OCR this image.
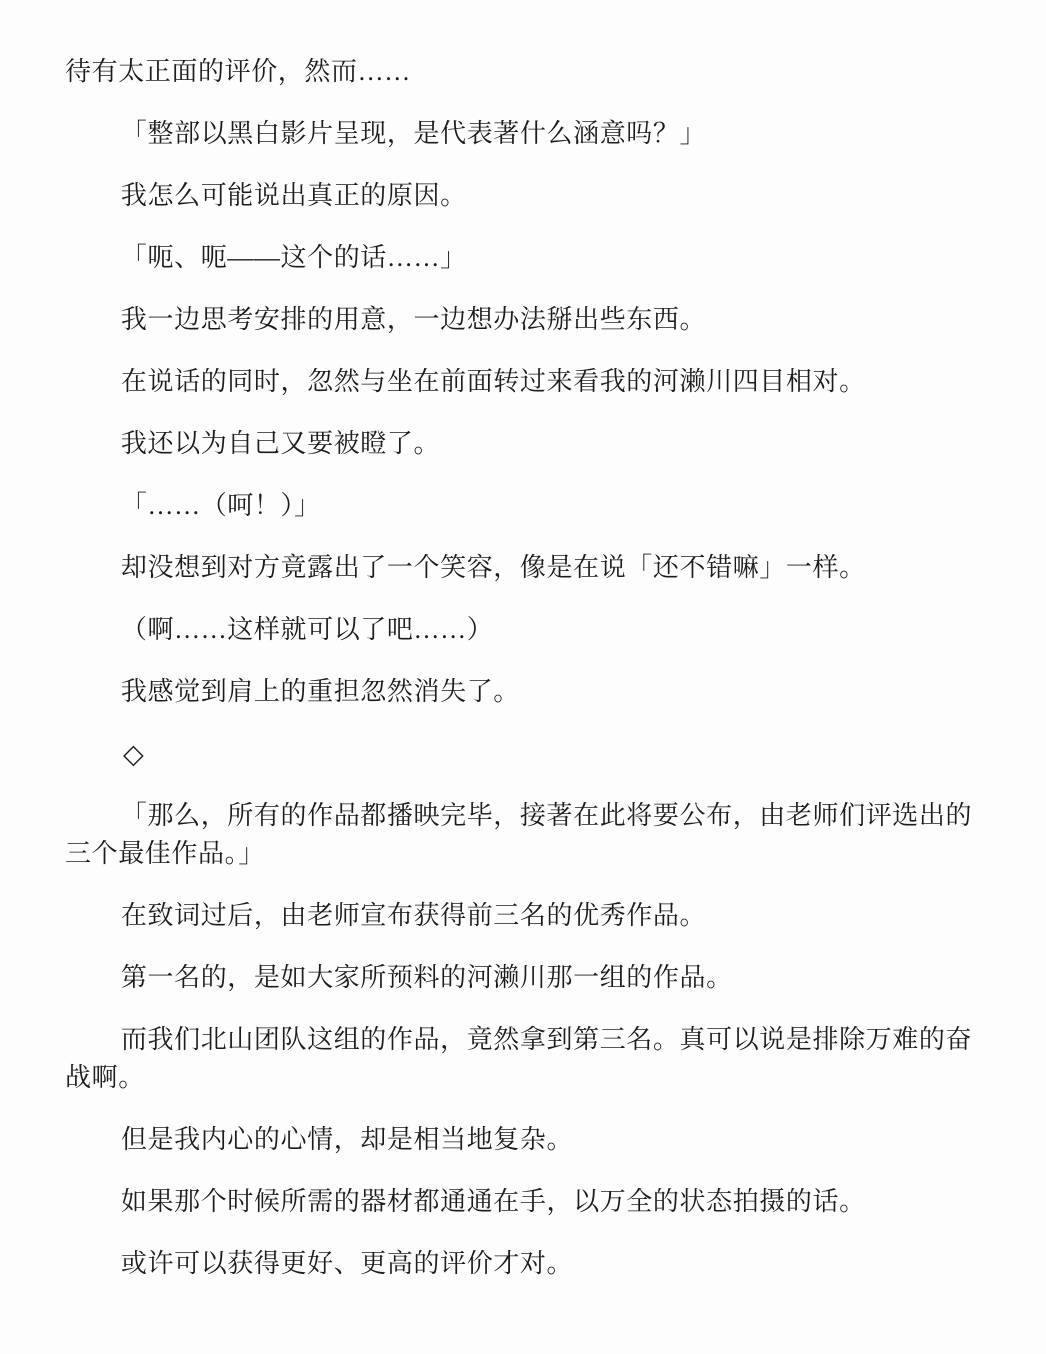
待有太正面的评价，然而……

「整部以黑白影片呈现，是代表著什么涵意吗？」

我怎么可能说出真正的原因。

「呃、呃——这个的话……」

我一边思考安排的用意，一边想办法掰出些东西。

在说话的同时，忽然与坐在前面转过来看我的河濑川四目相对。

我还以为自己又要被瞪了。

「……（呵！）」

却没想到对方竟露出了一个笑容，像是在说「还不错嘛」一样。

（啊……这样就可以了吧……）

我感觉到肩上的重担忽然消失了。

◇

「那么，所有的作品都播映完毕，接著在此将要公布，由老师们评选出的三个最佳作品。」

在致词过后，由老师宣布获得前三名的优秀作品。

第一名的，是如大家所预料的河濑川那一组的作品。

而我们北山团队这组的作品，竟然拿到第三名。真可以说是排除万难的奋战啊。

但是我内心的心情，却是相当地复杂。

如果那个时候所需的器材都通通在手，以万全的状态拍摄的话。

或许可以获得更好、更高的评价才对。
